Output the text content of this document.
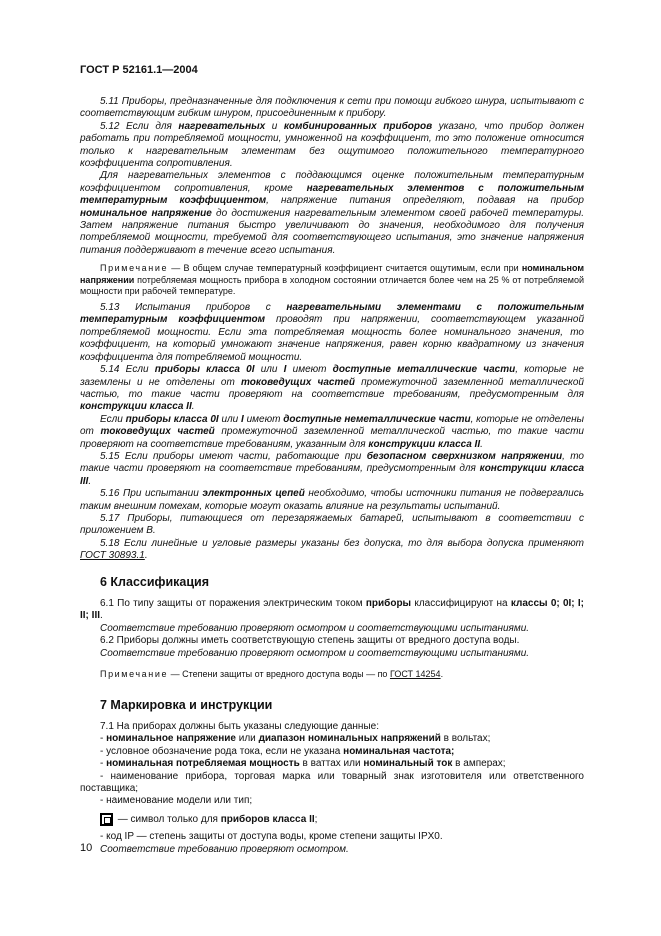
ГОСТ Р 52161.1—2004

5.11 Приборы, предназначенные для подключения к сети при помощи гибкого шнура, испытывают с соответствующим гибким шнуром, присоединенным к прибору.

5.12 Если для нагревательных и комбинированных приборов указано, что прибор должен работать при потребляемой мощности, умноженной на коэффициент, то это положение относится только к нагревательным элементам без ощутимого положительного температурного коэффициента сопротивления.

Для нагревательных элементов с поддающимся оценке положительным температурным коэффициентом сопротивления, кроме нагревательных элементов с положительным температурным коэффициентом, напряжение питания определяют, подавая на прибор номинальное напряжение до достижения нагревательным элементом своей рабочей температуры. Затем напряжение питания быстро увеличивают до значения, необходимого для получения потребляемой мощности, требуемой для соответствующего испытания, это значение напряжения питания поддерживают в течение всего испытания.

Примечание — В общем случае температурный коэффициент считается ощутимым, если при номинальном напряжении потребляемая мощность прибора в холодном состоянии отличается более чем на 25 % от потребляемой мощности при рабочей температуре.

5.13 Испытания приборов с нагревательными элементами с положительным температурным коэффициентом проводят при напряжении, соответствующем указанной потребляемой мощности. Если эта потребляемая мощность более номинального значения, то коэффициент, на который умножают значение напряжения, равен корню квадратному из значения коэффициента для потребляемой мощности.

5.14 Если приборы класса 0I или I имеют доступные металлические части, которые не заземлены и не отделены от токоведущих частей промежуточной заземленной металлической частью, то такие части проверяют на соответствие требованиям, предусмотренным для конструкции класса II.

Если приборы класса 0I или I имеют доступные неметаллические части, которые не отделены от токоведущих частей промежуточной заземленной металлической частью, то такие части проверяют на соответствие требованиям, указанным для конструкции класса II.

5.15 Если приборы имеют части, работающие при безопасном сверхнизком напряжении, то такие части проверяют на соответствие требованиям, предусмотренным для конструкции класса III.

5.16 При испытании электронных цепей необходимо, чтобы источники питания не подвергались таким внешним помехам, которые могут оказать влияние на результаты испытаний.

5.17 Приборы, питающиеся от перезаряжаемых батарей, испытывают в соответствии с приложением В.

5.18 Если линейные и угловые размеры указаны без допуска, то для выбора допуска применяют ГОСТ 30893.1.

6 Классификация

6.1 По типу защиты от поражения электрическим током приборы классифицируют на классы 0; 0I; I; II; III.

Соответствие требованию проверяют осмотром и соответствующими испытаниями.

6.2 Приборы должны иметь соответствующую степень защиты от вредного доступа воды.

Соответствие требованию проверяют осмотром и соответствующими испытаниями.

Примечание — Степени защиты от вредного доступа воды — по ГОСТ 14254.

7 Маркировка и инструкции

7.1 На приборах должны быть указаны следующие данные:

- номинальное напряжение или диапазон номинальных напряжений в вольтах;

- условное обозначение рода тока, если не указана номинальная частота;

- номинальная потребляемая мощность в ваттах или номинальный ток в амперах;

- наименование прибора, торговая марка или товарный знак изготовителя или ответственного поставщика;

- наименование модели или тип;

— символ только для приборов класса II;

- код IP — степень защиты от доступа воды, кроме степени защиты IPX0.

Соответствие требованию проверяют осмотром.

10
